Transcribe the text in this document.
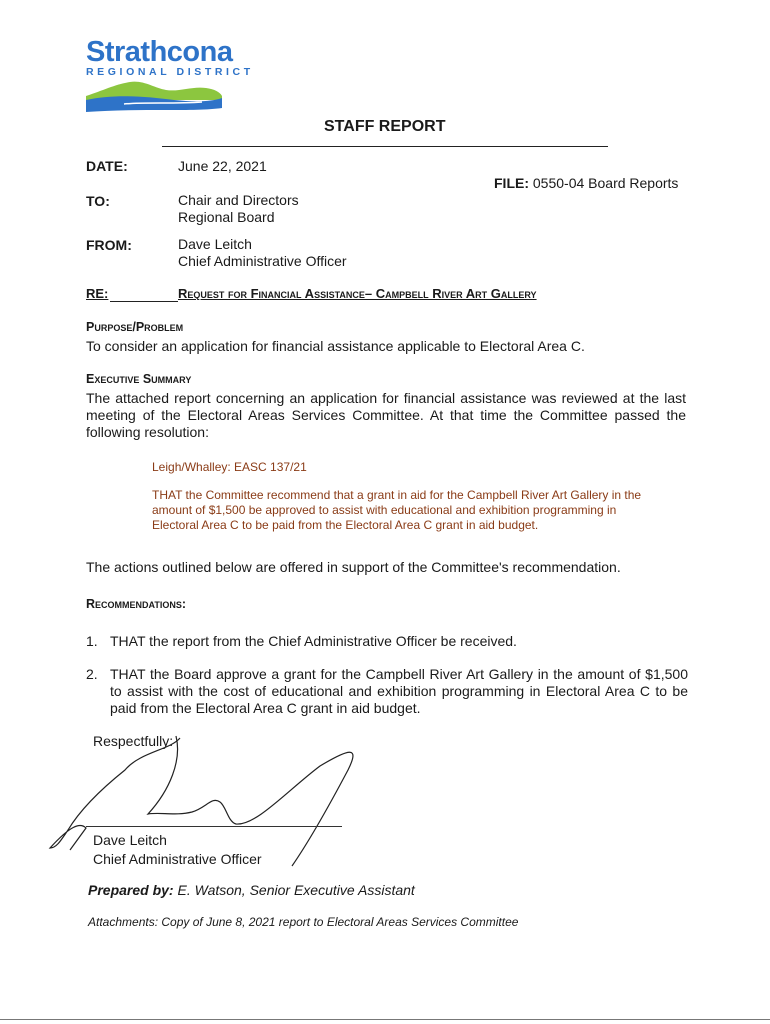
Strathcona
REGIONAL DISTRICT
STAFF REPORT
DATE:	June 22, 2021
FILE: 0550-04 Board Reports
TO:	Chair and Directors
Regional Board
FROM:	Dave Leitch
Chief Administrative Officer
RE:	Request for Financial Assistance– Campbell River Art Gallery
Purpose/Problem
To consider an application for financial assistance applicable to Electoral Area C.
Executive Summary
The attached report concerning an application for financial assistance was reviewed at the last meeting of the Electoral Areas Services Committee. At that time the Committee passed the following resolution:
Leigh/Whalley: EASC 137/21
THAT the Committee recommend that a grant in aid for the Campbell River Art Gallery in the amount of $1,500 be approved to assist with educational and exhibition programming in Electoral Area C to be paid from the Electoral Area C grant in aid budget.
The actions outlined below are offered in support of the Committee's recommendation.
Recommendations:
1. THAT the report from the Chief Administrative Officer be received.
2. THAT the Board approve a grant for the Campbell River Art Gallery in the amount of $1,500 to assist with the cost of educational and exhibition programming in Electoral Area C to be paid from the Electoral Area C grant in aid budget.
Respectfully:
Dave Leitch
Chief Administrative Officer
Prepared by: E. Watson, Senior Executive Assistant
Attachments: Copy of June 8, 2021 report to Electoral Areas Services Committee
